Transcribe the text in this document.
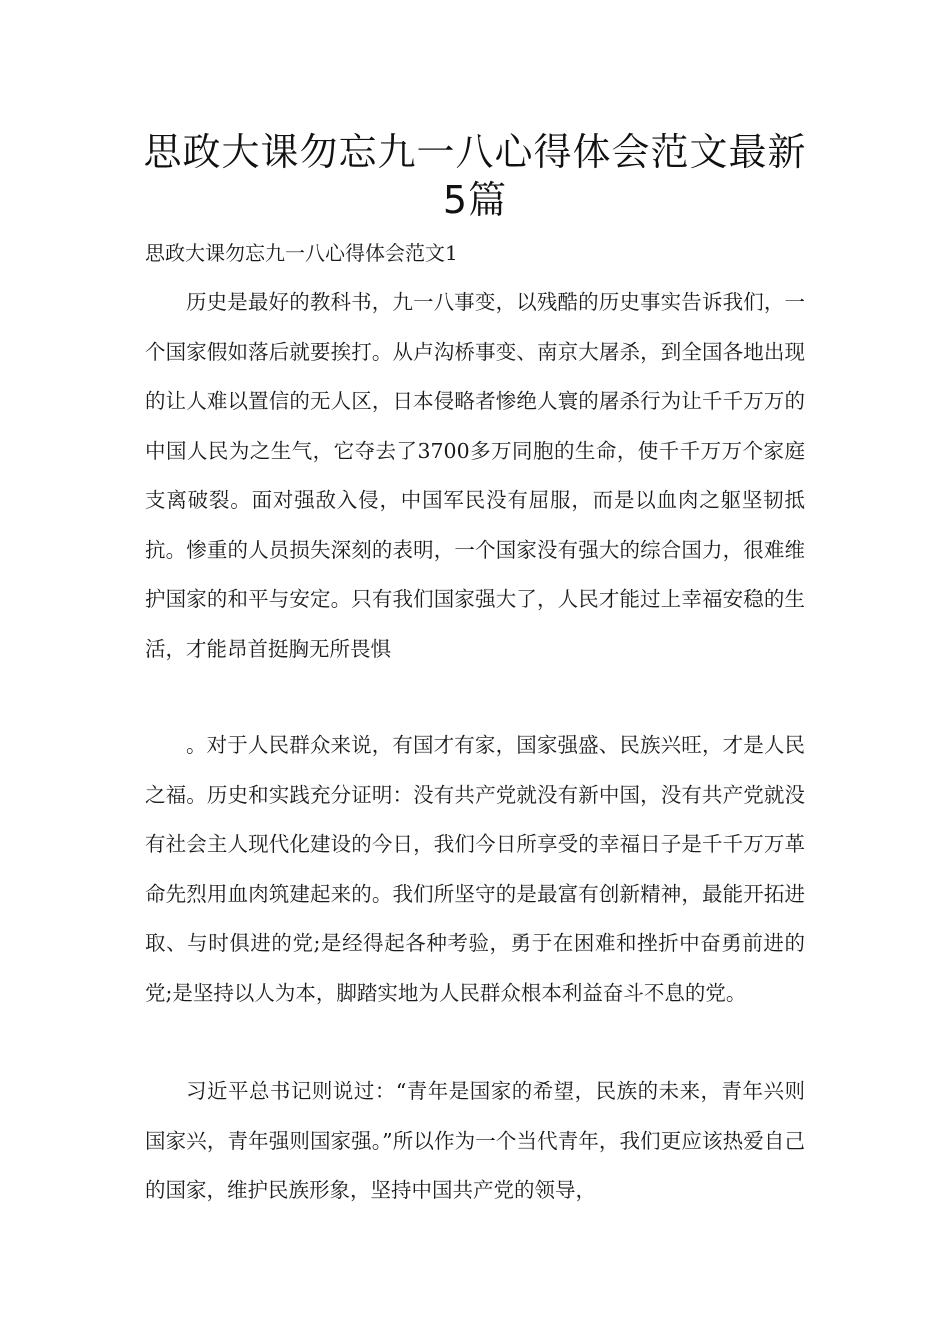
思政大课勿忘九一八心得体会范文最新
5篇

思政大课勿忘九一八心得体会范文1

历史是最好的教科书，九一八事变，以残酷的历史事实告诉我们，一个国家假如落后就要挨打。从卢沟桥事变、南京大屠杀，到全国各地出现的让人难以置信的无人区，日本侵略者惨绝人寰的屠杀行为让千千万万的中国人民为之生气，它夺去了3700多万同胞的生命，使千千万万个家庭支离破裂。面对强敌入侵，中国军民没有屈服，而是以血肉之躯坚韧抵抗。惨重的人员损失深刻的表明，一个国家没有强大的综合国力，很难维护国家的和平与安定。只有我们国家强大了，人民才能过上幸福安稳的生活，才能昂首挺胸无所畏惧

。对于人民群众来说，有国才有家，国家强盛、民族兴旺，才是人民之福。历史和实践充分证明：没有共产党就没有新中国，没有共产党就没有社会主人现代化建设的今日，我们今日所享受的幸福日子是千千万万革命先烈用血肉筑建起来的。我们所坚守的是最富有创新精神，最能开拓进取、与时俱进的党;是经得起各种考验，勇于在困难和挫折中奋勇前进的党;是坚持以人为本，脚踏实地为人民群众根本利益奋斗不息的党。

习近平总书记则说过：“青年是国家的希望，民族的未来，青年兴则国家兴，青年强则国家强。”所以作为一个当代青年，我们更应该热爱自己的国家，维护民族形象，坚持中国共产党的领导，
